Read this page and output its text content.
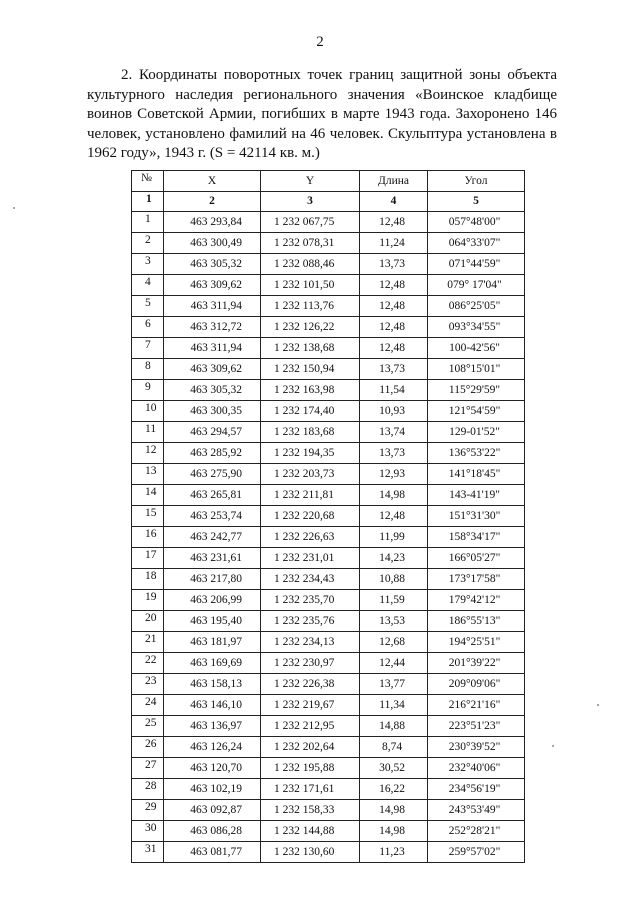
2

2. Координаты поворотных точек границ защитной зоны объекта культурного наследия регионального значения «Воинское кладбище воинов Советской Армии, погибших в марте 1943 года. Захоронено 146 человек, установлено фамилий на 46 человек. Скульптура установлена в 1962 году», 1943 г. (S = 42114 кв. м.)

№	X	Y	Длина	Угол
1	2	3	4	5
1	463 293,84	1 232 067,75	12,48	057°48'00"
2	463 300,49	1 232 078,31	11,24	064°33'07"
3	463 305,32	1 232 088,46	13,73	071°44'59"
4	463 309,62	1 232 101,50	12,48	079° 17'04"
5	463 311,94	1 232 113,76	12,48	086°25'05"
6	463 312,72	1 232 126,22	12,48	093°34'55"
7	463 311,94	1 232 138,68	12,48	100-42'56"
8	463 309,62	1 232 150,94	13,73	108°15'01"
9	463 305,32	1 232 163,98	11,54	115°29'59"
10	463 300,35	1 232 174,40	10,93	121°54'59"
11	463 294,57	1 232 183,68	13,74	129-01'52"
12	463 285,92	1 232 194,35	13,73	136°53'22"
13	463 275,90	1 232 203,73	12,93	141°18'45"
14	463 265,81	1 232 211,81	14,98	143-41'19"
15	463 253,74	1 232 220,68	12,48	151°31'30"
16	463 242,77	1 232 226,63	11,99	158°34'17"
17	463 231,61	1 232 231,01	14,23	166°05'27"
18	463 217,80	1 232 234,43	10,88	173°17'58"
19	463 206,99	1 232 235,70	11,59	179°42'12"
20	463 195,40	1 232 235,76	13,53	186°55'13"
21	463 181,97	1 232 234,13	12,68	194°25'51"
22	463 169,69	1 232 230,97	12,44	201°39'22"
23	463 158,13	1 232 226,38	13,77	209°09'06"
24	463 146,10	1 232 219,67	11,34	216°21'16"
25	463 136,97	1 232 212,95	14,88	223°51'23"
26	463 126,24	1 232 202,64	8,74	230°39'52"
27	463 120,70	1 232 195,88	30,52	232°40'06"
28	463 102,19	1 232 171,61	16,22	234°56'19"
29	463 092,87	1 232 158,33	14,98	243°53'49"
30	463 086,28	1 232 144,88	14,98	252°28'21"
31	463 081,77	1 232 130,60	11,23	259°57'02"
